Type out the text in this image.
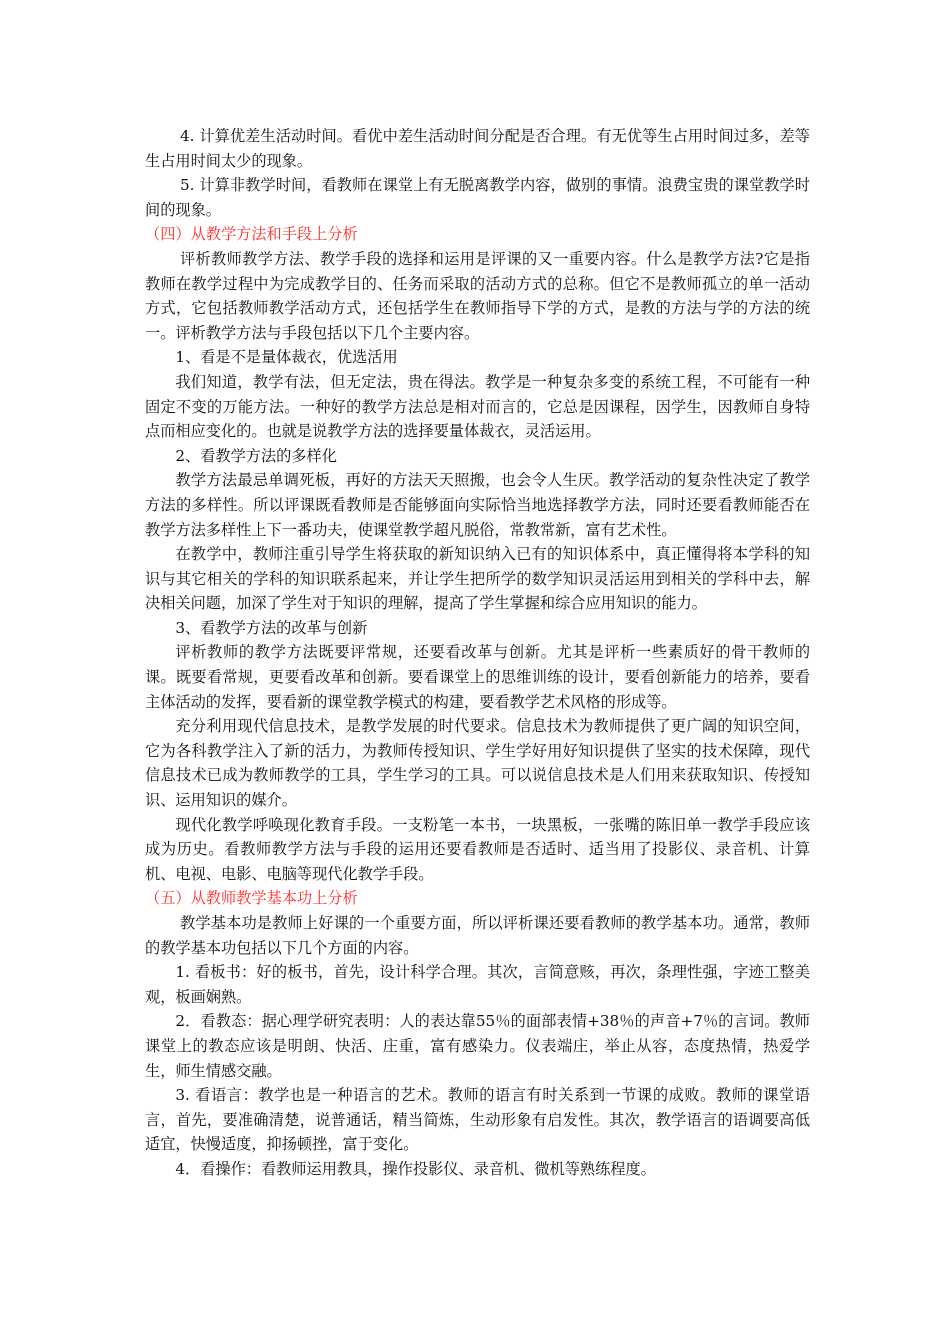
4. 计算优差生活动时间。看优中差生活动时间分配是否合理。有无优等生占用时间过多，差等生占用时间太少的现象。

5. 计算非教学时间，看教师在课堂上有无脱离教学内容，做别的事情。浪费宝贵的课堂教学时间的现象。

（四）从教学方法和手段上分析

评析教师教学方法、教学手段的选择和运用是评课的又一重要内容。什么是教学方法?它是指教师在教学过程中为完成教学目的、任务而采取的活动方式的总称。但它不是教师孤立的单一活动方式，它包括教师教学活动方式，还包括学生在教师指导下学的方式，是教的方法与学的方法的统一。评析教学方法与手段包括以下几个主要内容。

1、看是不是量体裁衣，优选活用

我们知道，教学有法，但无定法，贵在得法。教学是一种复杂多变的系统工程，不可能有一种固定不变的万能方法。一种好的教学方法总是相对而言的，它总是因课程，因学生，因教师自身特点而相应变化的。也就是说教学方法的选择要量体裁衣，灵活运用。

2、看教学方法的多样化

教学方法最忌单调死板，再好的方法天天照搬，也会令人生厌。教学活动的复杂性决定了教学方法的多样性。所以评课既看教师是否能够面向实际恰当地选择教学方法，同时还要看教师能否在教学方法多样性上下一番功夫，使课堂教学超凡脱俗，常教常新，富有艺术性。

在教学中，教师注重引导学生将获取的新知识纳入已有的知识体系中，真正懂得将本学科的知识与其它相关的学科的知识联系起来，并让学生把所学的数学知识灵活运用到相关的学科中去，解决相关问题，加深了学生对于知识的理解，提高了学生掌握和综合应用知识的能力。

3、看教学方法的改革与创新

评析教师的教学方法既要评常规，还要看改革与创新。尤其是评析一些素质好的骨干教师的课。既要看常规，更要看改革和创新。要看课堂上的思维训练的设计，要看创新能力的培养，要看主体活动的发挥，要看新的课堂教学模式的构建，要看教学艺术风格的形成等。

充分利用现代信息技术，是教学发展的时代要求。信息技术为教师提供了更广阔的知识空间，它为各科教学注入了新的活力，为教师传授知识、学生学好用好知识提供了坚实的技术保障，现代信息技术已成为教师教学的工具，学生学习的工具。可以说信息技术是人们用来获取知识、传授知识、运用知识的媒介。

现代化教学呼唤现化教育手段。一支粉笔一本书，一块黑板，一张嘴的陈旧单一教学手段应该成为历史。看教师教学方法与手段的运用还要看教师是否适时、适当用了投影仪、录音机、计算机、电视、电影、电脑等现代化教学手段。

（五）从教师教学基本功上分析

教学基本功是教师上好课的一个重要方面，所以评析课还要看教师的教学基本功。通常，教师的教学基本功包括以下几个方面的内容。

1. 看板书：好的板书，首先，设计科学合理。其次，言简意赅，再次，条理性强，字迹工整美观，板画娴熟。

2．看教态：据心理学研究表明：人的表达靠55％的面部表情+38％的声音+7％的言词。教师课堂上的教态应该是明朗、快活、庄重，富有感染力。仪表端庄，举止从容，态度热情，热爱学生，师生情感交融。

3. 看语言：教学也是一种语言的艺术。教师的语言有时关系到一节课的成败。教师的课堂语言，首先，要准确清楚，说普通话，精当简炼，生动形象有启发性。其次，教学语言的语调要高低适宜，快慢适度，抑扬顿挫，富于变化。

4．看操作：看教师运用教具，操作投影仪、录音机、微机等熟练程度。
